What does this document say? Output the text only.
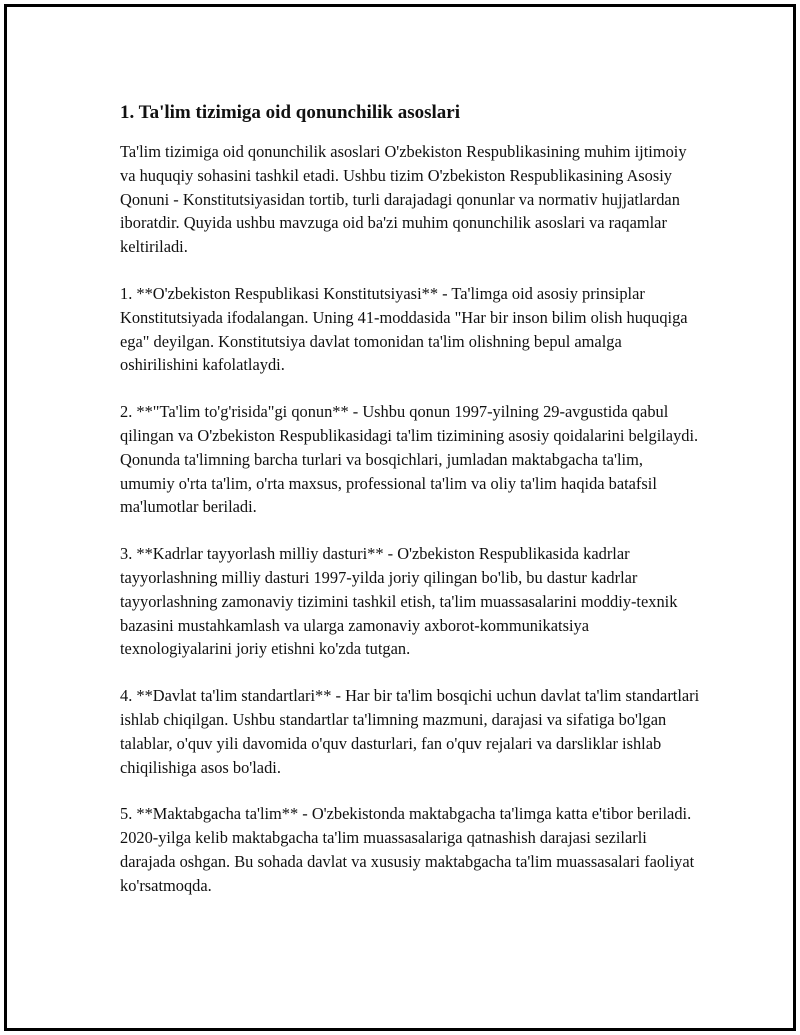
1. Ta'lim tizimiga oid qonunchilik asoslari

Ta'lim tizimiga oid qonunchilik asoslari O'zbekiston Respublikasining muhim ijtimoiy va huquqiy sohasini tashkil etadi. Ushbu tizim O'zbekiston Respublikasining Asosiy Qonuni - Konstitutsiyasidan tortib, turli darajadagi qonunlar va normativ hujjatlardan iboratdir. Quyida ushbu mavzuga oid ba'zi muhim qonunchilik asoslari va raqamlar keltiriladi.

1. **O'zbekiston Respublikasi Konstitutsiyasi** - Ta'limga oid asosiy prinsiplar Konstitutsiyada ifodalangan. Uning 41-moddasida "Har bir inson bilim olish huquqiga ega" deyilgan. Konstitutsiya davlat tomonidan ta'lim olishning bepul amalga oshirilishini kafolatlaydi.

2. **"Ta'lim to'g'risida"gi qonun** - Ushbu qonun 1997-yilning 29-avgustida qabul qilingan va O'zbekiston Respublikasidagi ta'lim tizimining asosiy qoidalarini belgilaydi. Qonunda ta'limning barcha turlari va bosqichlari, jumladan maktabgacha ta'lim, umumiy o'rta ta'lim, o'rta maxsus, professional ta'lim va oliy ta'lim haqida batafsil ma'lumotlar beriladi.

3. **Kadrlar tayyorlash milliy dasturi** - O'zbekiston Respublikasida kadrlar tayyorlashning milliy dasturi 1997-yilda joriy qilingan bo'lib, bu dastur kadrlar tayyorlashning zamonaviy tizimini tashkil etish, ta'lim muassasalarini moddiy-texnik bazasini mustahkamlash va ularga zamonaviy axborot-kommunikatsiya texnologiyalarini joriy etishni ko'zda tutgan.

4. **Davlat ta'lim standartlari** - Har bir ta'lim bosqichi uchun davlat ta'lim standartlari ishlab chiqilgan. Ushbu standartlar ta'limning mazmuni, darajasi va sifatiga bo'lgan talablar, o'quv yili davomida o'quv dasturlari, fan o'quv rejalari va darsliklar ishlab chiqilishiga asos bo'ladi.

5. **Maktabgacha ta'lim** - O'zbekistonda maktabgacha ta'limga katta e'tibor beriladi. 2020-yilga kelib maktabgacha ta'lim muassasalariga qatnashish darajasi sezilarli darajada oshgan. Bu sohada davlat va xususiy maktabgacha ta'lim muassasalari faoliyat ko'rsatmoqda.
